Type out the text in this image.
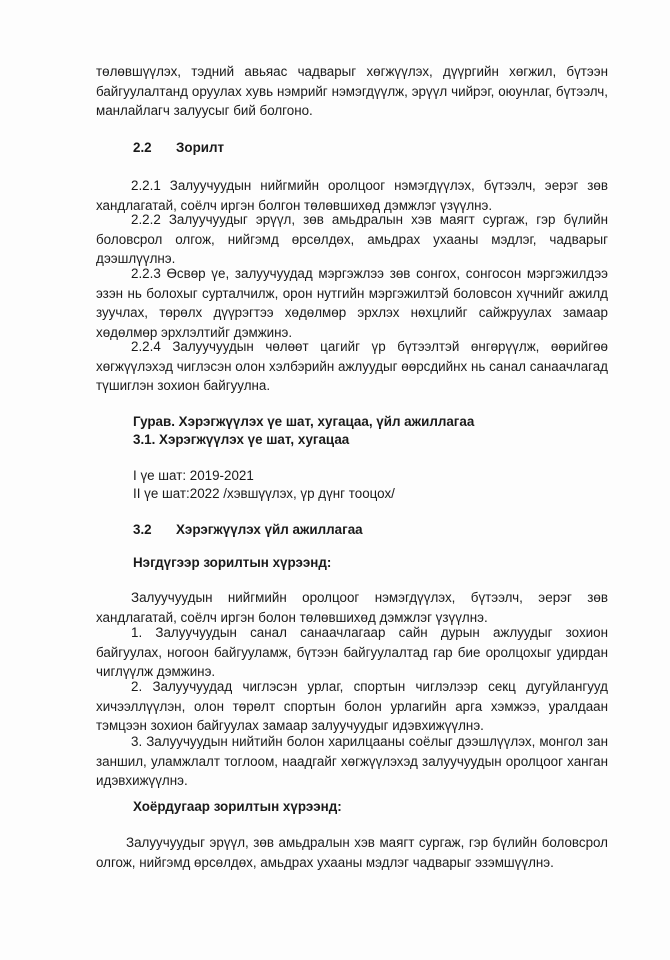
төлөвшүүлэх, тэдний авьяас чадварыг хөгжүүлэх, дүүргийн хөгжил, бүтээн
байгуулалтанд оруулах хувь нэмрийг нэмэгдүүлж, эрүүл чийрэг, оюунлаг, бүтээлч,
манлайлагч залуусыг бий болгоно.
2.2 Зорилт
2.2.1 Залуучуудын нийгмийн оролцоог нэмэгдүүлэх, бүтээлч, эерэг зөв
хандлагатай, соёлч иргэн болгон төлөвшихөд дэмжлэг үзүүлнэ.
2.2.2 Залуучуудыг эрүүл, зөв амьдралын хэв маягт сургаж, гэр бүлийн
боловсрол олгож, нийгэмд өрсөлдөх, амьдрах ухааны мэдлэг, чадварыг
дээшлүүлнэ.
2.2.3 Өсвөр үе, залуучуудад мэргэжлээ зөв сонгох, сонгосон мэргэжилдээ
эзэн нь болохыг сурталчилж, орон нутгийн мэргэжилтэй боловсон хүчнийг ажилд
зуучлах, төрөлх дүүрэгтээ хөдөлмөр эрхлэх нөхцлийг сайжруулах замаар
хөдөлмөр эрхлэлтийг дэмжинэ.
2.2.4 Залуучуудын чөлөөт цагийг үр бүтээлтэй өнгөрүүлж, өөрийгөө
хөгжүүлэхэд чиглэсэн олон хэлбэрийн ажлуудыг өөрсдийнх нь санал санаачлагад
түшиглэн зохион байгуулна.
Гурав. Хэрэгжүүлэх үе шат, хугацаа, үйл ажиллагаа
3.1. Хэрэгжүүлэх үе шат, хугацаа
I үе шат: 2019-2021
II үе шат:2022 /хэвшүүлэх, үр дүнг тооцох/
3.2 Хэрэгжүүлэх үйл ажиллагаа
Нэгдүгээр зорилтын хүрээнд:
Залуучуудын нийгмийн оролцоог нэмэгдүүлэх, бүтээлч, эерэг зөв
хандлагатай, соёлч иргэн болон төлөвшихөд дэмжлэг үзүүлнэ.
1. Залуучуудын санал санаачлагаар сайн дурын ажлуудыг зохион
байгуулах, ногоон байгууламж, бүтээн байгуулалтад гар бие оролцохыг удирдан
чиглүүлж дэмжинэ.
2. Залуучуудад чиглэсэн урлаг, спортын чиглэлээр секц дугуйлангууд
хичээллүүлэн, олон төрөлт спортын болон урлагийн арга хэмжээ, уралдаан
тэмцээн зохион байгуулах замаар залуучуудыг идэвхижүүлнэ.
3. Залуучуудын нийтийн болон харилцааны соёлыг дээшлүүлэх, монгол зан
заншил, уламжлалт тоглоом, наадгайг хөгжүүлэхэд залуучуудын оролцоог ханган
идэвхижүүлнэ.
Хоёрдугаар зорилтын хүрээнд:
Залуучуудыг эрүүл, зөв амьдралын хэв маягт сургаж, гэр бүлийн боловсрол
олгож, нийгэмд өрсөлдөх, амьдрах ухааны мэдлэг чадварыг эзэмшүүлнэ.
